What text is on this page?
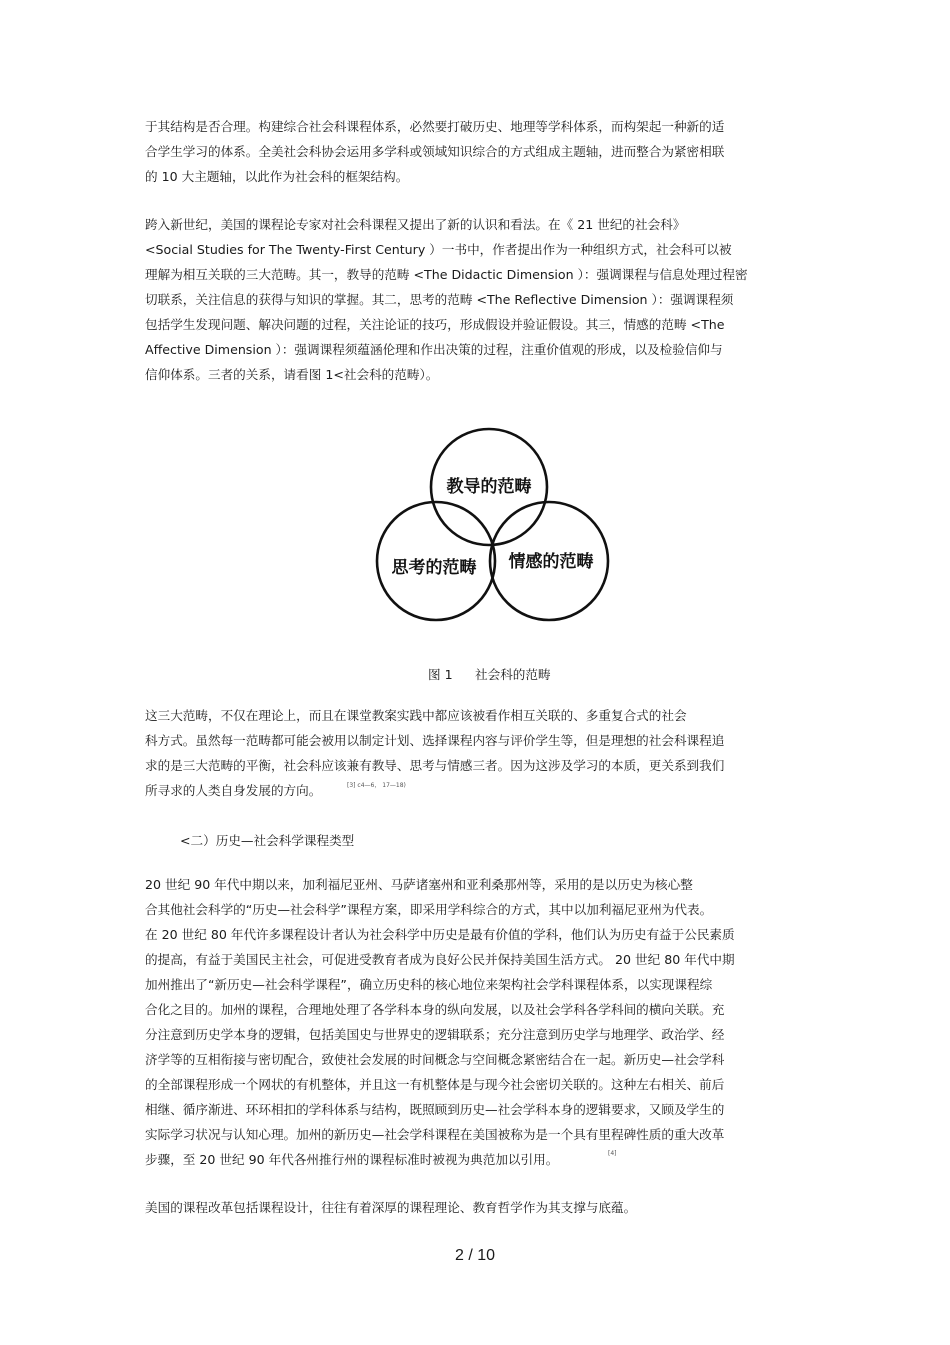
于其结构是否合理。构建综合社会科课程体系，必然要打破历史、地理等学科体系，而构架起一种新的适
合学生学习的体系。全美社会科协会运用多学科或领域知识综合的方式组成主题轴，进而整合为紧密相联
的 10 大主题轴，以此作为社会科的框架结构。
跨入新世纪，美国的课程论专家对社会科课程又提出了新的认识和看法。在《 21 世纪的社会科》
<Social Studies for The Twenty-First Century ）一书中，作者提出作为一种组织方式，社会科可以被
理解为相互关联的三大范畴。其一，教导的范畴 <The Didactic Dimension ）：强调课程与信息处理过程密
切联系，关注信息的获得与知识的掌握。其二，思考的范畴 <The Reflective Dimension ）：强调课程须
包括学生发现问题、解决问题的过程，关注论证的技巧，形成假设并验证假设。其三，情感的范畴 <The
Affective Dimension ）：强调课程须蕴涵伦理和作出决策的过程，注重价值观的形成，以及检验信仰与
信仰体系。三者的关系，请看图 1<社会科的范畴）。
教导的范畴
思考的范畴 情感的范畴
图 1 社会科的范畴
这三大范畴，不仅在理论上，而且在课堂教案实践中都应该被看作相互关联的、多重复合式的社会
科方式。虽然每一范畴都可能会被用以制定计划、选择课程内容与评价学生等，但是理想的社会科课程追
求的是三大范畴的平衡，社会科应该兼有教导、思考与情感三者。因为这涉及学习的本质，更关系到我们
所寻求的人类自身发展的方向。	[3] c4—6， 17—18)
<二）历史—社会科学课程类型
20 世纪 90 年代中期以来，加利福尼亚州、马萨诸塞州和亚利桑那州等，采用的是以历史为核心整
合其他社会科学的“历史—社会科学”课程方案，即采用学科综合的方式，其中以加利福尼亚州为代表。
在 20 世纪 80 年代许多课程设计者认为社会科学中历史是最有价值的学科，他们认为历史有益于公民素质
的提高，有益于美国民主社会，可促进受教育者成为良好公民并保持美国生活方式。 20 世纪 80 年代中期
加州推出了“新历史—社会科学课程”，确立历史科的核心地位来架构社会学科课程体系，以实现课程综
合化之目的。加州的课程，合理地处理了各学科本身的纵向发展，以及社会学科各学科间的横向关联。充
分注意到历史学本身的逻辑，包括美国史与世界史的逻辑联系；充分注意到历史学与地理学、政治学、经
济学等的互相衔接与密切配合，致使社会发展的时间概念与空间概念紧密结合在一起。新历史—社会学科
的全部课程形成一个网状的有机整体，并且这一有机整体是与现今社会密切关联的。这种左右相关、前后
相继、循序渐进、环环相扣的学科体系与结构，既照顾到历史—社会学科本身的逻辑要求，又顾及学生的
实际学习状况与认知心理。加州的新历史—社会学科课程在美国被称为是一个具有里程碑性质的重大改革
步骤，至 20 世纪 90 年代各州推行州的课程标准时被视为典范加以引用。	[4]
美国的课程改革包括课程设计，往往有着深厚的课程理论、教育哲学作为其支撑与底蕴。
2 / 10
